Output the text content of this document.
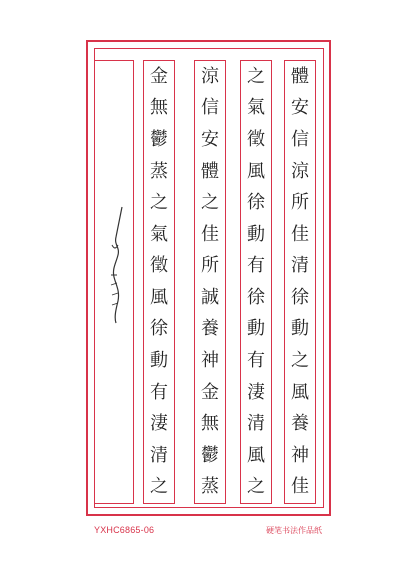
金
無
鬱
蒸
之
氣
徵
風
徐
動
有
淒
清
之
涼
信
安
體
之
佳
所
誠
養
神
金
無
鬱
蒸
之
氣
徵
風
徐
動
有
徐
動
有
淒
清
風
之
體
安
信
涼
所
佳
清
徐
動
之
風
養
神
佳
YXHC6865-06	硬笔书法作品纸
